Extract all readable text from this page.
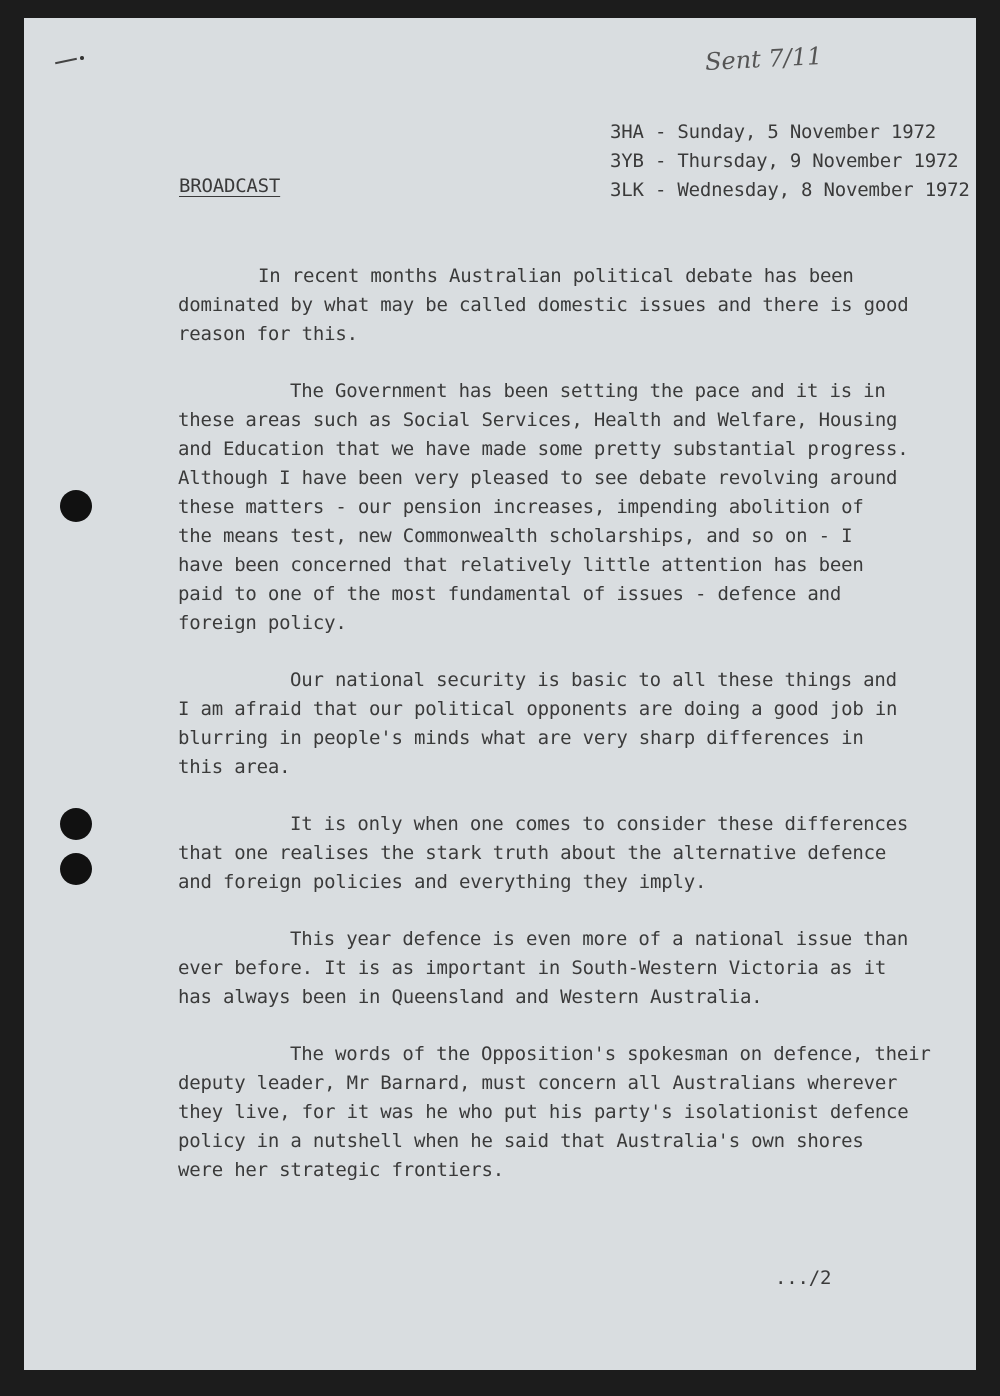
Sent 7/11
3HA - Sunday, 5 November 1972
3YB - Thursday, 9 November 1972
3LK - Wednesday, 8 November 1972
BROADCAST
In recent months Australian political debate has been
dominated by what may be called domestic issues and there is good
reason for this.
The Government has been setting the pace and it is in
these areas such as Social Services, Health and Welfare, Housing
and Education that we have made some pretty substantial progress.
Although I have been very pleased to see debate revolving around
these matters - our pension increases, impending abolition of
the means test, new Commonwealth scholarships, and so on - I
have been concerned that relatively little attention has been
paid to one of the most fundamental of issues - defence and
foreign policy.
Our national security is basic to all these things and
I am afraid that our political opponents are doing a good job in
blurring in people's minds what are very sharp differences in
this area.
It is only when one comes to consider these differences
that one realises the stark truth about the alternative defence
and foreign policies and everything they imply.
This year defence is even more of a national issue than
ever before. It is as important in South-Western Victoria as it
has always been in Queensland and Western Australia.
The words of the Opposition's spokesman on defence, their
deputy leader, Mr Barnard, must concern all Australians wherever
they live, for it was he who put his party's isolationist defence
policy in a nutshell when he said that Australia's own shores
were her strategic frontiers.
.../2
